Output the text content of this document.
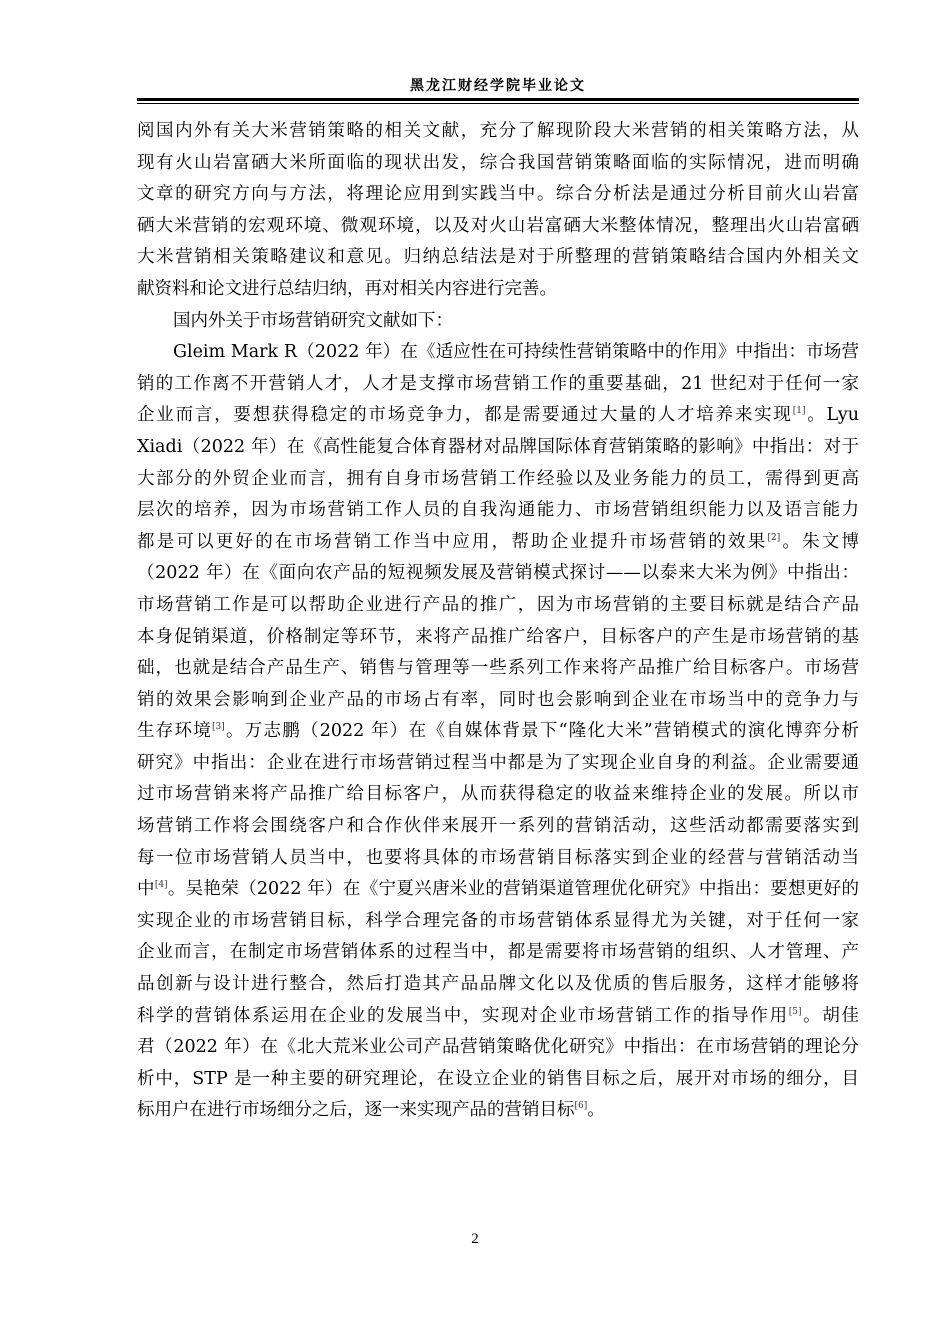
黑龙江财经学院毕业论文
阅国内外有关大米营销策略的相关文献，充分了解现阶段大米营销的相关策略方法，从
现有火山岩富硒大米所面临的现状出发，综合我国营销策略面临的实际情况，进而明确
文章的研究方向与方法，将理论应用到实践当中。综合分析法是通过分析目前火山岩富
硒大米营销的宏观环境、微观环境，以及对火山岩富硒大米整体情况，整理出火山岩富硒
大米营销相关策略建议和意见。归纳总结法是对于所整理的营销策略结合国内外相关文
献资料和论文进行总结归纳，再对相关内容进行完善。
国内外关于市场营销研究文献如下：
Gleim Mark R（2022 年）在《适应性在可持续性营销策略中的作用》中指出：市场营
销的工作离不开营销人才，人才是支撑市场营销工作的重要基础，21 世纪对于任何一家
企业而言，要想获得稳定的市场竞争力，都是需要通过大量的人才培养来实现[1]。Lyu
Xiadi（2022 年）在《高性能复合体育器材对品牌国际体育营销策略的影响》中指出：对于
大部分的外贸企业而言，拥有自身市场营销工作经验以及业务能力的员工，需得到更高
层次的培养，因为市场营销工作人员的自我沟通能力、市场营销组织能力以及语言能力
都是可以更好的在市场营销工作当中应用，帮助企业提升市场营销的效果[2]。朱文博
（2022 年）在《面向农产品的短视频发展及营销模式探讨——以泰来大米为例》中指出：
市场营销工作是可以帮助企业进行产品的推广，因为市场营销的主要目标就是结合产品
本身促销渠道，价格制定等环节，来将产品推广给客户，目标客户的产生是市场营销的基
础，也就是结合产品生产、销售与管理等一些系列工作来将产品推广给目标客户。市场营
销的效果会影响到企业产品的市场占有率，同时也会影响到企业在市场当中的竞争力与
生存环境[3]。万志鹏（2022 年）在《自媒体背景下“隆化大米”营销模式的演化博弈分析
研究》中指出：企业在进行市场营销过程当中都是为了实现企业自身的利益。企业需要通
过市场营销来将产品推广给目标客户，从而获得稳定的收益来维持企业的发展。所以市
场营销工作将会围绕客户和合作伙伴来展开一系列的营销活动，这些活动都需要落实到
每一位市场营销人员当中，也要将具体的市场营销目标落实到企业的经营与营销活动当
中[4]。吴艳荣（2022 年）在《宁夏兴唐米业的营销渠道管理优化研究》中指出：要想更好的
实现企业的市场营销目标，科学合理完备的市场营销体系显得尤为关键，对于任何一家
企业而言，在制定市场营销体系的过程当中，都是需要将市场营销的组织、人才管理、产
品创新与设计进行整合，然后打造其产品品牌文化以及优质的售后服务，这样才能够将
科学的营销体系运用在企业的发展当中，实现对企业市场营销工作的指导作用[5]。胡佳
君（2022 年）在《北大荒米业公司产品营销策略优化研究》中指出：在市场营销的理论分
析中，STP 是一种主要的研究理论，在设立企业的销售目标之后，展开对市场的细分，目
标用户在进行市场细分之后，逐一来实现产品的营销目标[6]。
2
